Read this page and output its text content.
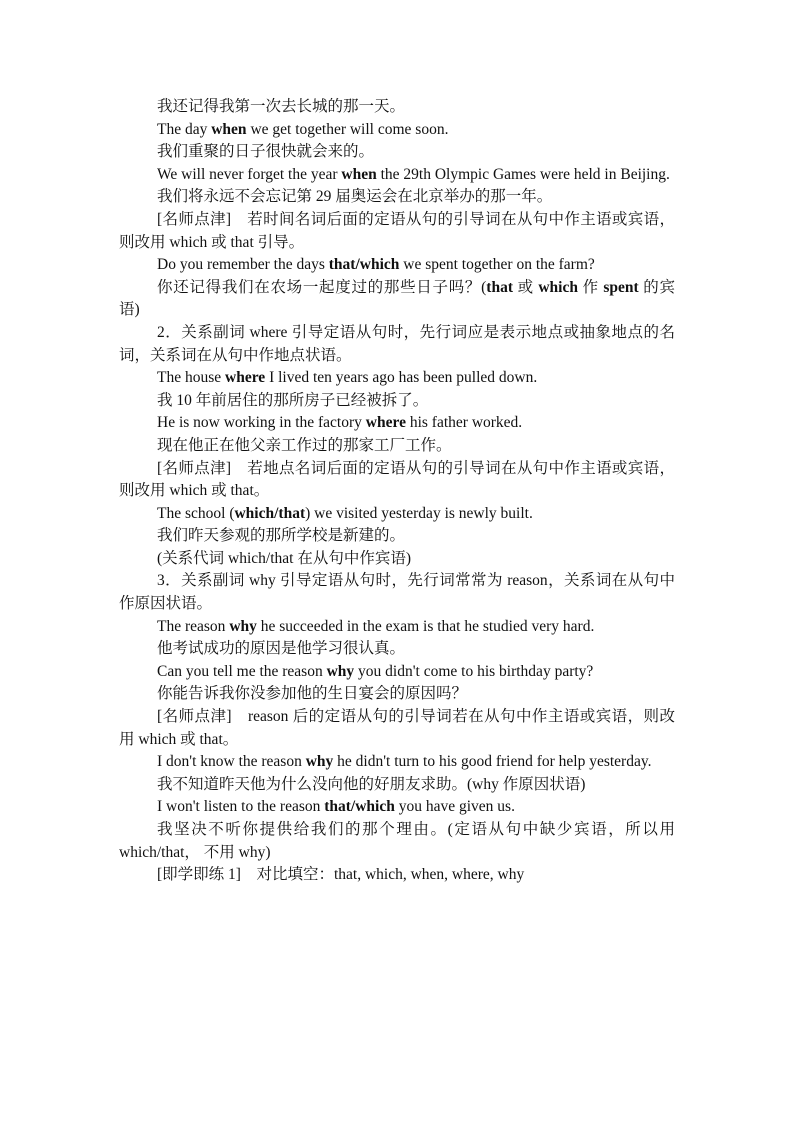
我还记得我第一次去长城的那一天。

The day when we get together will come soon.

我们重聚的日子很快就会来的。

We will never forget the year when the 29th Olympic Games were held in Beijing.

我们将永远不会忘记第 29 届奥运会在北京举办的那一年。

[名师点津]　若时间名词后面的定语从句的引导词在从句中作主语或宾语，则改用 which 或 that 引导。

Do you remember the days that/which we spent together on the farm?

你还记得我们在农场一起度过的那些日子吗？(that 或 which 作 spent 的宾语)

2．关系副词 where 引导定语从句时，先行词应是表示地点或抽象地点的名词，关系词在从句中作地点状语。

The house where I lived ten years ago has been pulled down.

我 10 年前居住的那所房子已经被拆了。

He is now working in the factory where his father worked.

现在他正在他父亲工作过的那家工厂工作。

[名师点津]　若地点名词后面的定语从句的引导词在从句中作主语或宾语，则改用 which 或 that。

The school (which/that) we visited yesterday is newly built.

我们昨天参观的那所学校是新建的。

(关系代词 which/that 在从句中作宾语)

3．关系副词 why 引导定语从句时，先行词常常为 reason，关系词在从句中作原因状语。

The reason why he succeeded in the exam is that he studied very hard.

他考试成功的原因是他学习很认真。

Can you tell me the reason why you didn't come to his birthday party?

你能告诉我你没参加他的生日宴会的原因吗？

[名师点津]　reason 后的定语从句的引导词若在从句中作主语或宾语，则改用 which 或 that。

I don't know the reason why he didn't turn to his good friend for help yesterday.

我不知道昨天他为什么没向他的好朋友求助。(why 作原因状语)

I won't listen to the reason that/which you have given us.

我坚决不听你提供给我们的那个理由。(定语从句中缺少宾语，所以用 which/that， 不用 why)

[即学即练 1]　对比填空：that, which, when, where, why
